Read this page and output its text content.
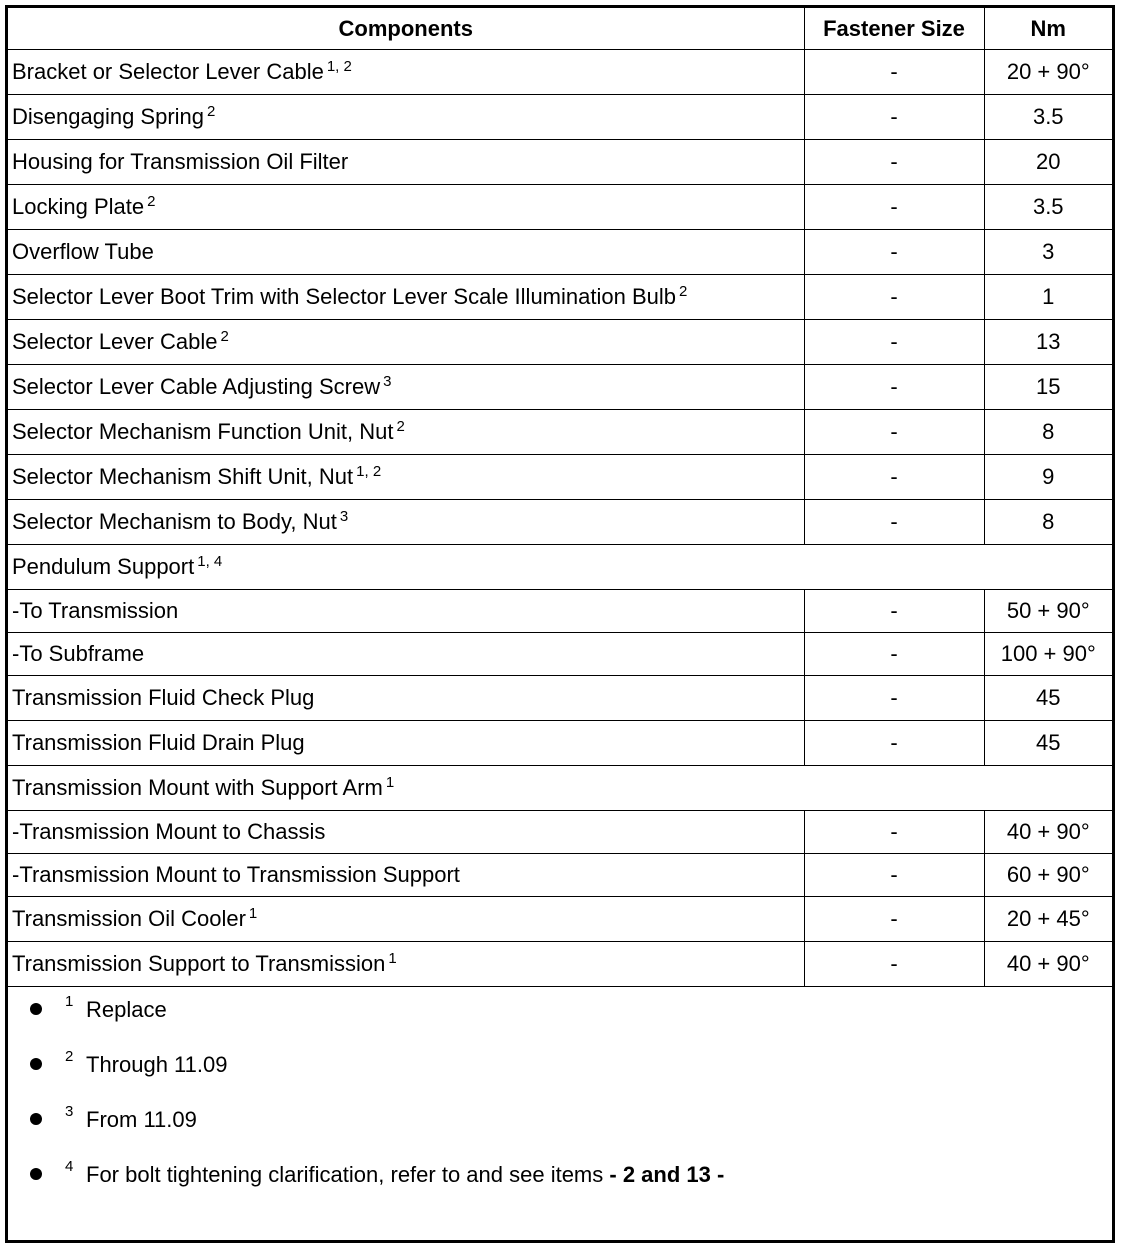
Components	Fastener Size	Nm
Bracket or Selector Lever Cable $^{1, 2}$	-	20 + 90°
Disengaging Spring $^2$	-	3.5
Housing for Transmission Oil Filter	-	20
Locking Plate $^2$	-	3.5
Overflow Tube	-	3
Selector Lever Boot Trim with Selector Lever Scale Illumination Bulb $^2$	-	1
Selector Lever Cable $^2$	-	13
Selector Lever Cable Adjusting Screw $^3$	-	15
Selector Mechanism Function Unit, Nut $^2$	-	8
Selector Mechanism Shift Unit, Nut $^{1, 2}$	-	9
Selector Mechanism to Body, Nut $^3$	-	8
Pendulum Support $^{1, 4}$
-To Transmission	-	50 + 90°
-To Subframe	-	100 + 90°
Transmission Fluid Check Plug	-	45
Transmission Fluid Drain Plug	-	45
Transmission Mount with Support Arm $^1$
-Transmission Mount to Chassis	-	40 + 90°
-Transmission Mount to Transmission Support	-	60 + 90°
Transmission Oil Cooler $^1$	-	20 + 45°
Transmission Support to Transmission $^1$	-	40 + 90°
1 Replace
2 Through 11.09
3 From 11.09
4 For bolt tightening clarification, refer to and see items - 2 and 13 -
